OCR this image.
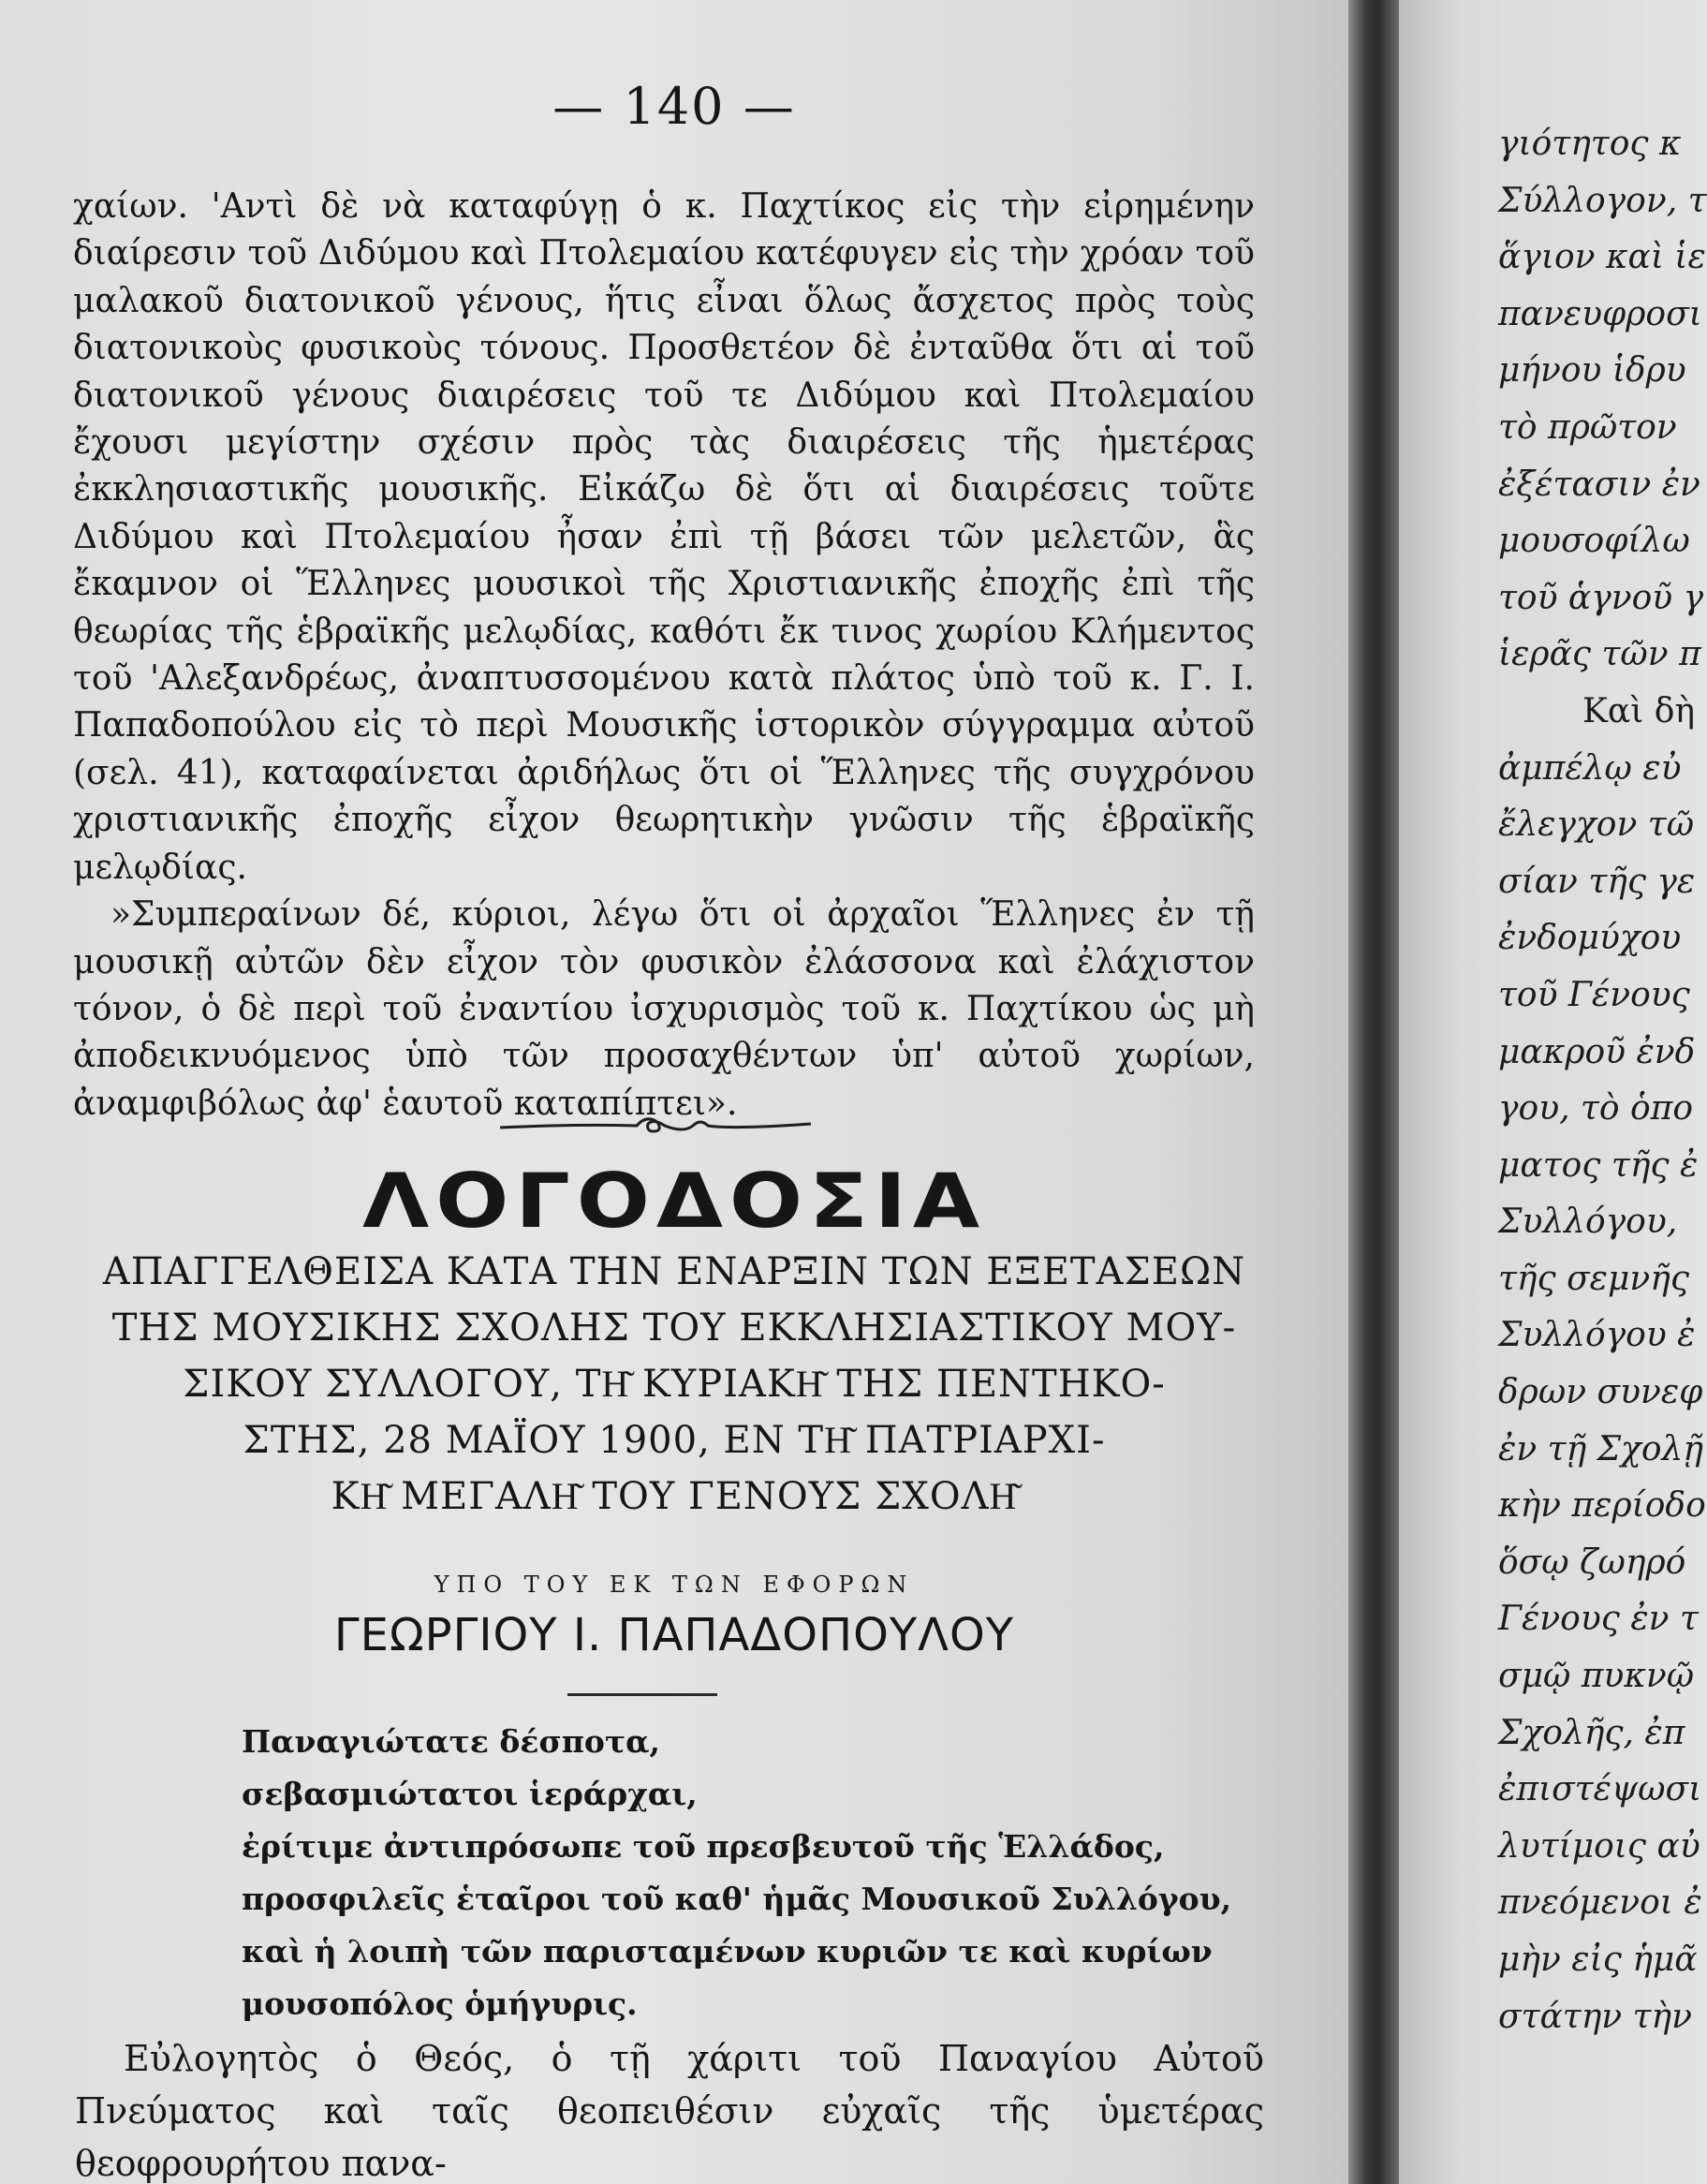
— 140 —

χαίων. 'Αντὶ δὲ νὰ καταφύγῃ ὁ κ. Παχτίκος εἰς τὴν εἰρημένην διαίρεσιν τοῦ Διδύμου καὶ Πτολεμαίου κατέφυγεν εἰς τὴν χρόαν τοῦ μαλακοῦ διατονικοῦ γένους, ἥτις εἶναι ὅλως ἄσχετος πρὸς τοὺς διατονικοὺς φυσικοὺς τόνους. Προσθετέον δὲ ἐνταῦθα ὅτι αἱ τοῦ διατονικοῦ γένους διαιρέσεις τοῦ τε Διδύμου καὶ Πτολεμαίου ἔχουσι μεγίστην σχέσιν πρὸς τὰς διαιρέσεις τῆς ἡμετέρας ἐκκλησιαστικῆς μουσικῆς. Εἰκάζω δὲ ὅτι αἱ διαιρέσεις τοῦτε Διδύμου καὶ Πτολεμαίου ἦσαν ἐπὶ τῇ βάσει τῶν μελετῶν, ἃς ἔκαμνον οἱ Ἕλληνες μουσικοὶ τῆς Χριστιανικῆς ἐποχῆς ἐπὶ τῆς θεωρίας τῆς ἑβραϊκῆς μελῳδίας, καθότι ἔκ τινος χωρίου Κλήμεντος τοῦ 'Αλεξανδρέως, ἀναπτυσσομένου κατὰ πλάτος ὑπὸ τοῦ κ. Γ. Ι. Παπαδοπούλου εἰς τὸ περὶ Μουσικῆς ἱστορικὸν σύγγραμμα αὐτοῦ (σελ. 41), καταφαίνεται ἀριδήλως ὅτι οἱ Ἕλληνες τῆς συγχρόνου χριστιανικῆς ἐποχῆς εἶχον θεωρητικὴν γνῶσιν τῆς ἑβραϊκῆς μελῳδίας.

»Συμπεραίνων δέ, κύριοι, λέγω ὅτι οἱ ἀρχαῖοι Ἕλληνες ἐν τῇ μουσικῇ αὐτῶν δὲν εἶχον τὸν φυσικὸν ἐλάσσονα καὶ ἐλάχιστον τόνον, ὁ δὲ περὶ τοῦ ἐναντίου ἰσχυρισμὸς τοῦ κ. Παχτίκου ὡς μὴ ἀποδεικνυόμενος ὑπὸ τῶν προσαχθέντων ὑπ' αὐτοῦ χωρίων, ἀναμφιβόλως ἀφ' ἑαυτοῦ καταπίπτει».

ΛΟΓΟΔΟΣΙΑ
ΑΠΑΓΓΕΛΘΕΙΣΑ ΚΑΤΑ ΤΗΝ ΕΝΑΡΞΙΝ ΤΩΝ ΕΞΕΤΑΣΕΩΝ
ΤΗΣ ΜΟΥΣΙΚΗΣ ΣΧΟΛΗΣ ΤΟΥ ΕΚΚΛΗΣΙΑΣΤΙΚΟΥ ΜΟΥ-
ΣΙΚΟΥ ΣΥΛΛΟΓΟΥ, ΤΗ͂ ΚΥΡΙΑΚΗ͂ ΤΗΣ ΠΕΝΤΗΚΟ-
ΣΤΗΣ, 28 ΜΑΪΟΥ 1900, ΕΝ ΤΗ͂ ΠΑΤΡΙΑΡΧΙ-
ΚΗ͂ ΜΕΓΑΛΗ͂ ΤΟΥ ΓΕΝΟΥΣ ΣΧΟΛΗ͂
ΥΠΟ ΤΟΥ ΕΚ ΤΩΝ ΕΦΟΡΩΝ
ΓΕΩΡΓΙΟΥ Ι. ΠΑΠΑΔΟΠΟΥΛΟΥ
Παναγιώτατε δέσποτα,
σεβασμιώτατοι ἱεράρχαι,
ἐρίτιμε ἀντιπρόσωπε τοῦ πρεσβευτοῦ τῆς Ἑλλάδος,
προσφιλεῖς ἑταῖροι τοῦ καθ' ἡμᾶς Μουσικοῦ Συλλόγου,
καὶ ἡ λοιπὴ τῶν παρισταμένων κυριῶν τε καὶ κυρίων
μουσοπόλος ὁμήγυρις.
Εὐλογητὸς ὁ Θεός, ὁ τῇ χάριτι τοῦ Παναγίου Αὐτοῦ Πνεύματος καὶ ταῖς θεοπειθέσιν εὐχαῖς τῆς ὑμετέρας θεοφρουρήτου πανα-
γιότητος κ
Σύλλογον, τ
ἅγιον καὶ ἱε
πανευφροσι
μήνου ἱδρυ
τὸ πρῶτον
ἐξέτασιν ἐν
μουσοφίλω
τοῦ ἁγνοῦ γ
ἱερᾶς τῶν π
Καὶ δὴ
ἀμπέλῳ εὐ
ἔλεγχον τῶ
σίαν τῆς γε
ἐνδομύχου
τοῦ Γένους
μακροῦ ἐνδ
γου, τὸ ὁπο
ματος τῆς ἐ
Συλλόγου,
τῆς σεμνῆς
Συλλόγου ἐ
δρων συνεφ
ἐν τῇ Σχολῇ
κὴν περίοδο
ὅσῳ ζωηρό
Γένους ἐν τ
σμῷ πυκνῷ
Σχολῆς, ἐπ
ἐπιστέψωσι
λυτίμοις αὐ
πνεόμενοι ἐ
μὴν εἰς ἡμᾶ
στάτην τὴν
